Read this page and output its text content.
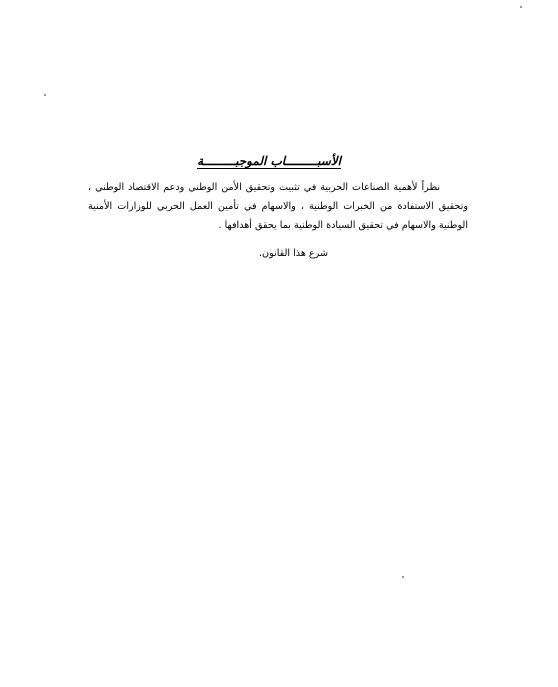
الأسبـــــــــاب الموجبـــــــــة

نظراً لأهمية الصناعات الحربية في تثبيت وتحقيق الأمن الوطني ودعم الاقتصاد الوطني ، وتحقيق الاستفادة من الخبرات الوطنية ، والاسهام في تأمين العمل الحربي للوزارات الأمنية الوطنية والاسهام في تحقيق السيادة الوطنية بما يحقق أهدافها .

شرع هذا القانون.
